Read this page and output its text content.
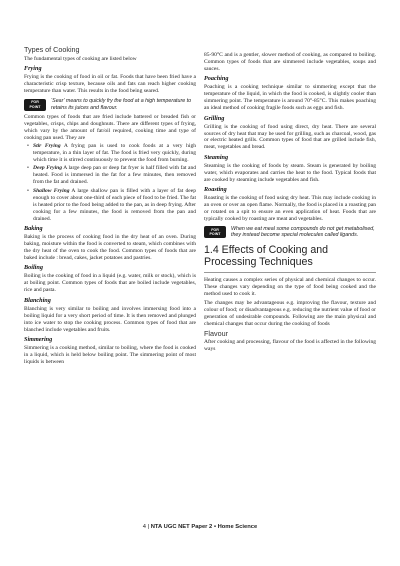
Types of Cooking

The fundamental types of cooking are listed below

Frying

Frying is the cooking of food in oil or fat. Foods that have been fried have a characteristic crisp texture, because oils and fats can reach higher cooking temperature than water. This results in the food being seared.

FOR
POINT
‘Sear’ means to quickly fry the food at a high temperature to retains its juices and flavour.

Common types of foods that are fried include battered or breaded fish or vegetables, crisps, chips and doughnuts. There are different types of frying, which vary by the amount of fat/oil required, cooking time and type of cooking pan used. They are

• Stir Frying A frying pan is used to cook foods at a very high temperature, in a thin layer of fat. The food is fried very quickly, during which time it is stirred continuously to prevent the food from burning.
• Deep Frying A large deep pan or deep fat fryer is half filled with fat and heated. Food is immersed in the fat for a few minutes, then removed from the fat and drained.
• Shallow Frying A large shallow pan is filled with a layer of fat deep enough to cover about one-third of each piece of food to be fried. The fat is heated prior to the food being added to the pan, as in deep frying. After cooking for a few minutes, the food is removed from the pan and drained.
Baking

Baking is the process of cooking food in the dry heat of an oven. During baking, moisture within the food is converted to steam, which combines with the dry heat of the oven to cook the food. Common types of foods that are baked include : bread, cakes, jacket potatoes and pastries.

Boiling

Boiling is the cooking of food in a liquid (e.g. water, milk or stock), which is at boiling point. Common types of foods that are boiled include vegetables, rice and pasta.

Blanching

Blanching is very similar to boiling and involves immersing food into a boiling liquid for a very short period of time. It is then removed and plunged into ice water to stop the cooking process. Common types of food that are blanched include vegetables and fruits.

Simmering

Simmering is a cooking method, similar to boiling, where the food is cooked in a liquid, which is held below boiling point. The simmering point of most liquids is between

85-90°C and is a gentler, slower method of cooking, as compared to boiling. Common types of foods that are simmered include vegetables, soups and sauces.

Poaching

Poaching is a cooking technique similar to simmering except that the temperature of the liquid, in which the food is cooked, is slightly cooler than simmering point. The temperature is around 70°-85°C. This makes poaching an ideal method of cooking fragile foods such as eggs and fish.

Grilling

Grilling is the cooking of food using direct, dry heat. There are several sources of dry heat that may be used for grilling, such as charcoal, wood, gas or electric heated grills. Common types of food that are grilled include fish, meat, vegetables and bread.

Steaming

Steaming is the cooking of foods by steam. Steam is generated by boiling water, which evaporates and carries the heat to the food. Typical foods that are cooked by steaming include vegetables and fish.

Roasting

Roasting is the cooking of food using dry heat. This may include cooking in an oven or over an open flame. Normally, the food is placed in a roasting pan or rotated on a spit to ensure an even application of heat. Foods that are typically cooked by roasting are meat and vegetables.

FOR
POINT
When we eat meal some compounds do not get metabolised, they instead become special molecules called ligands.
1.4 Effects of Cooking and Processing Techniques

Heating causes a complex series of physical and chemical changes to occur. These changes vary depending on the type of food being cooked and the method used to cook it.

The changes may be advantageous e.g. improving the flavour, texture and colour of food; or disadvantageous e.g. reducing the nutrient value of food or generation of undesirable compounds. Following are the main physical and chemical changes that occur during the cooking of foods

Flavour

After cooking and processing, flavour of the food is affected in the following ways

4 | NTA UGC NET Paper 2 ▪ Home Science
